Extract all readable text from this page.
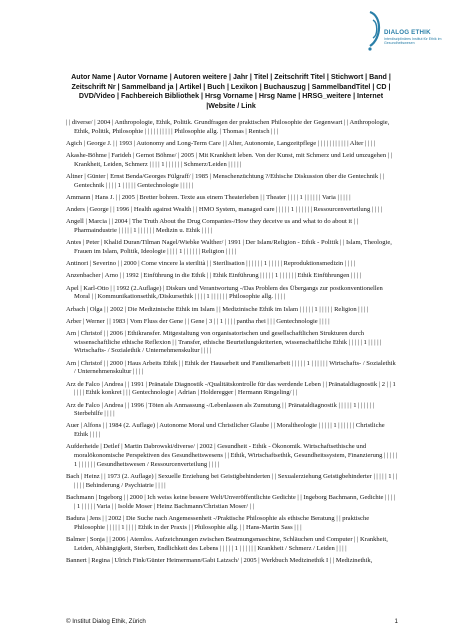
DIALOG ETHIK
Interdisziplinäres Institut für Ethik im Gesundheitswesen
Autor Name | Autor Vorname | Autoren weitere | Jahr | Titel | Zeitschrift Titel | Stichwort | Band | Zeitschrift Nr | Sammelband ja | Artikel | Buch | Lexikon | Buchauszug | SammelbandTitel | CD | DVD/Video | Fachbereich Bibliothek | Hrsg Vorname | Hrsg Name | HRSG_weitere | Internet |Website / Link

| | diverse/ | 2004 | Anthropologie, Ethik, Politik. Grundfragen der praktischen Philosophie der Gegenwart | | Anthropologie, Ethik, Politik, Philosophie | | | | | | | | | | Philosophie allg. | Thomas | Rentsch | | |

Agich | George J. | | 1993 | Autonomy and Long-Term Care | | Alter, Autonomie, Langzeitpflege | | | | | | | | | | | Alter | | | |

Akashe-Böhme | Farideh | Gernot Böhme/ | 2005 | Mit Krankheit leben. Von der Kunst, mit Schmerz und Leid umzugehen | | Krankheit, Leiden, Schmerz | | | | 1 | | | | | | Schmerz/Leiden | | | | |

Altner | Günter | Ernst Benda/Georges Fülgraff/ | 1985 | Menschenzüchtung ?/Ethische Diskussion über die Gentechnik | | Gentechnik | | | | 1 | | | | | Gentechnologie | | | | |

Ammann | Hans J. | | 2005 | Bretter bohren. Texte aus einem Theaterleben | | Theater | | | | 1 | | | | | | Varia | | | | |

Anders | George | | 1996 | Health against Wealth | | HMO System, managed care | | | | | 1 | | | | | | Ressourcenverteilung | | | |

Angell | Marcia | | 2004 | The Truth About the Drug Companies-/How they deceive us and what to do about it | | Pharmaindustrie | | | | | 1 | | | | | | Medizin u. Ethik | | | |

Antes | Peter | Khalid Duran/Tilman Nagel/Wiebke Walther/ | 1991 | Der Islam/Religion - Ethik - Politik | | Islam, Theologie, Frauen im Islam, Politik, Ideologie | | | | 1 | | | | | | Religion | | | |

Antinori | Severino | | 2000 | Come vincere la sterilità | | Sterilisation | | | | | | 1 | | | | | Reproduktionsmedizin | | | |

Anzenbacher | Arno | | 1992 | Einführung in die Ethik | | Ethik Einführung | | | | | 1 | | | | | | Ethik Einführungen | | | |

Apel | Karl-Otto | | 1992 (2.Auflage) | Diskurs und Verantwortung -/Das Problem des Übergangs zur postkonventionellen Moral | | Kommunikationsethik,/Diskursethik | | | | 1 | | | | | | Philosophie allg. | | | |

Arbach | Olga | | 2002 | Die Medizinische Ethik im Islam | | Medizinische Ethik im Islam | | | | | 1 | | | | | Religion | | | |

Arber | Werner | | 1983 | Vom Fluss der Gene | | Gene | 3 | | 1 | | | | pantha rhei | | | Gentechnologie | | | |

Arn | Christof | | 2006 | Ethikransfer. Mitgestaltung von organisatorischen und gesellschaftlichen Strukturen durch wissenschaftliche ethische Reflexion | | Transfer, ethische Beurteilungskriterien, wissenschaftliche Ethik | | | | | 1 | | | | | Wirtschafts- / Sozialethik / Unternehmenskultur | | | |

Arn | Christof | | 2000 | Haus Arbeits Ethik | | Ethik der Hausarbeit und Familienarbeit | | | | | 1 | | | | | | Wirtschafts- / Sozialethik / Unternehmenskultur | | | |

Arz de Falco | Andrea | | 1991 | Pränatale Diagnostik -/Qualitätskontrolle für das werdende Leben | | Pränataldiagnostik | 2 | | 1 | | | | Ethik konkret | | | Gentechnologie | Adrian | Holderegger | Hermann Ringeling/ | |

Arz de Falco | Andrea | | 1996 | Töten als Anmassung -/Lebenlassen als Zumutung | | Pränataldiagnostik | | | | | 1 | | | | | | Sterbehilfe | | | |

Auer | Alfons | | 1984 (2. Auflage) | Autonome Moral und Christlicher Glaube | | Moraltheologie | | | | | 1 | | | | | | Christliche Ethik | | | |

Aufderheide | Detlef | Martin Dabrowski/diverse/ | 2002 | Gesundheit - Ethik - Ökonomik. Wirtschaftsethische und moralökonomische Perspektiven des Gesundheitswesens | | Ethik, Wirtschaftsethik, Gesundheitssystem, Finanzierung | | | | | 1 | | | | | | Gesundheitswesen / Ressourcenverteilung | | | |

Bach | Heinz | | 1973 (2. Auflage) | Sexuelle Erziehung bei Geistigbehinderten | | Sexualerziehung Geistigbehinderter | | | | | 1 | | | | | | Behinderung / Psychiatrie | | | |

Bachmann | Ingeborg | | 2000 | Ich weiss keine bessere Welt/Unveröffentlichte Gedichte | | Ingeborg Bachmann, Gedichte | | | | | 1 | | | | | Varia | | Isolde Moser | Heinz Bachmann/Christian Moser/ | |

Badura | Jens | | 2002 | Die Suche nach Angemessenheit -/Praktische Philosophie als ethische Beratung | | praktische Philosophie | | | | | 1 | | | | Ethik in der Praxis | | Philosophie allg. | | Hans-Martin Sass | | |

Balmer | Sonja | | 2006 | Atemlos. Aufzeichnungen zwischen Beatmungsmaschine, Schläuchen und Computer | | Krankheit, Leiden, Abhängigkeit, Sterben, Endlichkeit des Lebens | | | | | 1 | | | | | | Krankheit / Schmerz / Leiden | | | |

Bannert | Regina | Ulrich Fink/Günter Heimermann/Gabi Latzsch/ | 2005 | Werkbuch Medizinethik I | | Medizinethik,

© Institut Dialog Ethik, Zürich	1
